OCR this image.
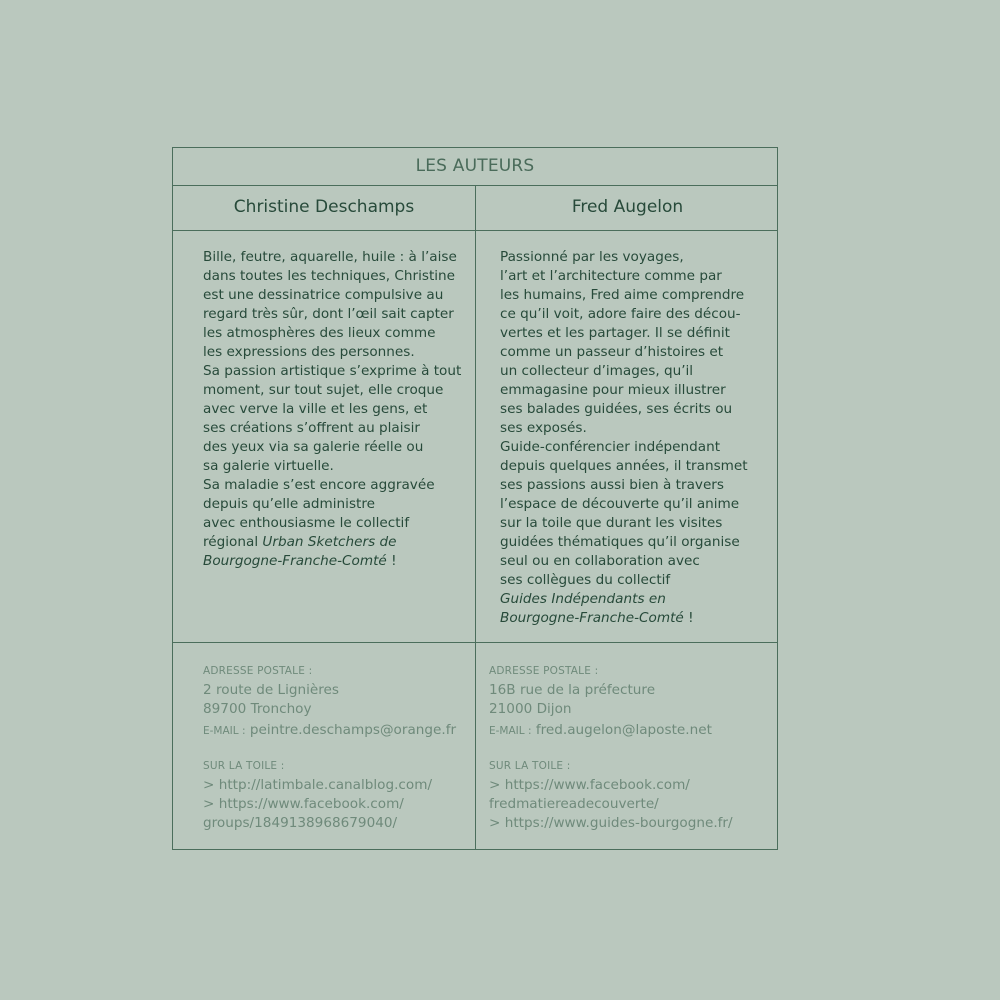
LES AUTEURS
Christine Deschamps	Fred Augelon
Bille, feutre, aquarelle, huile : à l’aise
dans toutes les techniques, Christine
est une dessinatrice compulsive au
regard très sûr, dont l’œil sait capter
les atmosphères des lieux comme
les expressions des personnes.
Sa passion artistique s’exprime à tout
moment, sur tout sujet, elle croque
avec verve la ville et les gens, et
ses créations s’offrent au plaisir
des yeux via sa galerie réelle ou
sa galerie virtuelle.
Sa maladie s’est encore aggravée
depuis qu’elle administre
avec enthousiasme le collectif
régional Urban Sketchers de
Bourgogne-Franche-Comté !
Passionné par les voyages,
l’art et l’architecture comme par
les humains, Fred aime comprendre
ce qu’il voit, adore faire des décou-
vertes et les partager. Il se définit
comme un passeur d’histoires et
un collecteur d’images, qu’il
emmagasine pour mieux illustrer
ses balades guidées, ses écrits ou
ses exposés.
Guide-conférencier indépendant
depuis quelques années, il transmet
ses passions aussi bien à travers
l’espace de découverte qu’il anime
sur la toile que durant les visites
guidées thématiques qu’il organise
seul ou en collaboration avec
ses collègues du collectif
Guides Indépendants en
Bourgogne-Franche-Comté !
ADRESSE POSTALE :
2 route de Lignières
89700 Tronchoy
E-MAIL : peintre.deschamps@orange.fr
SUR LA TOILE :
> http://latimbale.canalblog.com/
> https://www.facebook.com/
groups/1849138968679040/
ADRESSE POSTALE :
16B rue de la préfecture
21000 Dijon
E-MAIL : fred.augelon@laposte.net
SUR LA TOILE :
> https://www.facebook.com/
fredmatiereadecouverte/
> https://www.guides-bourgogne.fr/
